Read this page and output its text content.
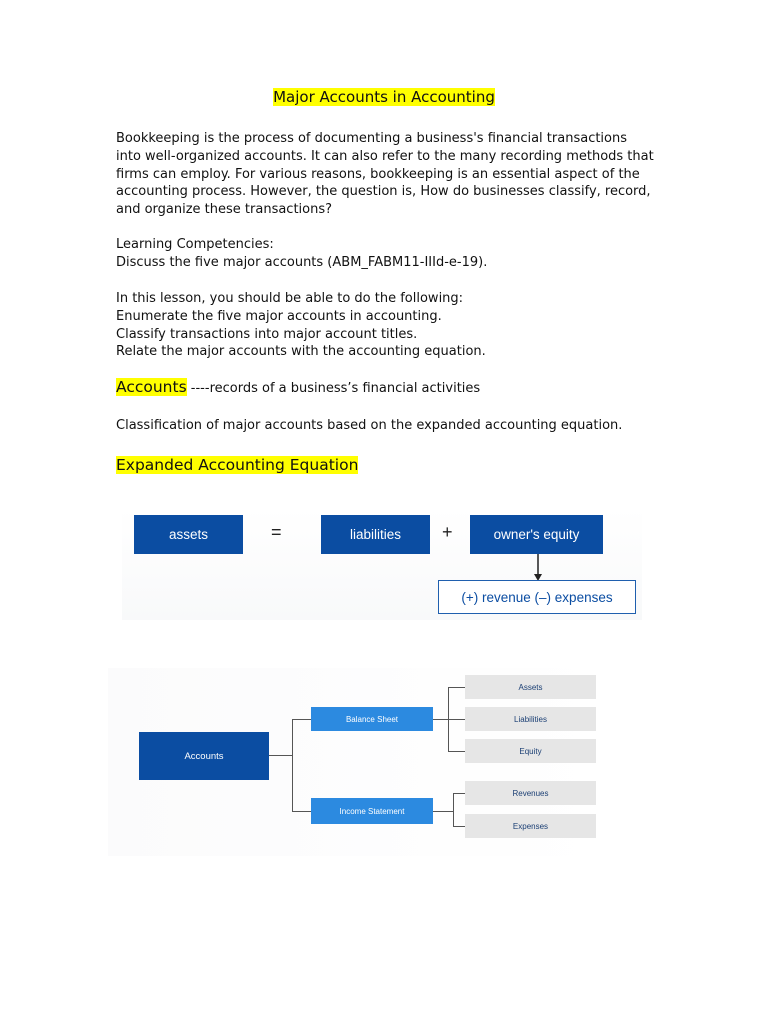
Major Accounts in Accounting
Bookkeeping is the process of documenting a business's financial transactions into well-organized accounts. It can also refer to the many recording methods that firms can employ. For various reasons, bookkeeping is an essential aspect of the accounting process. However, the question is, How do businesses classify, record, and organize these transactions?
Learning Competencies:
Discuss the five major accounts (ABM_FABM11-IIId-e-19).
In this lesson, you should be able to do the following:
Enumerate the five major accounts in accounting.
Classify transactions into major account titles.
Relate the major accounts with the accounting equation.
Accounts ----records of a business’s financial activities
Classification of major accounts based on the expanded accounting equation.
Expanded Accounting Equation
assets	=	liabilities +	owner's equity
(+) revenue (–) expenses
Accounts
Balance Sheet
Income Statement
Assets
Liabilities
Equity
Revenues
Expenses
